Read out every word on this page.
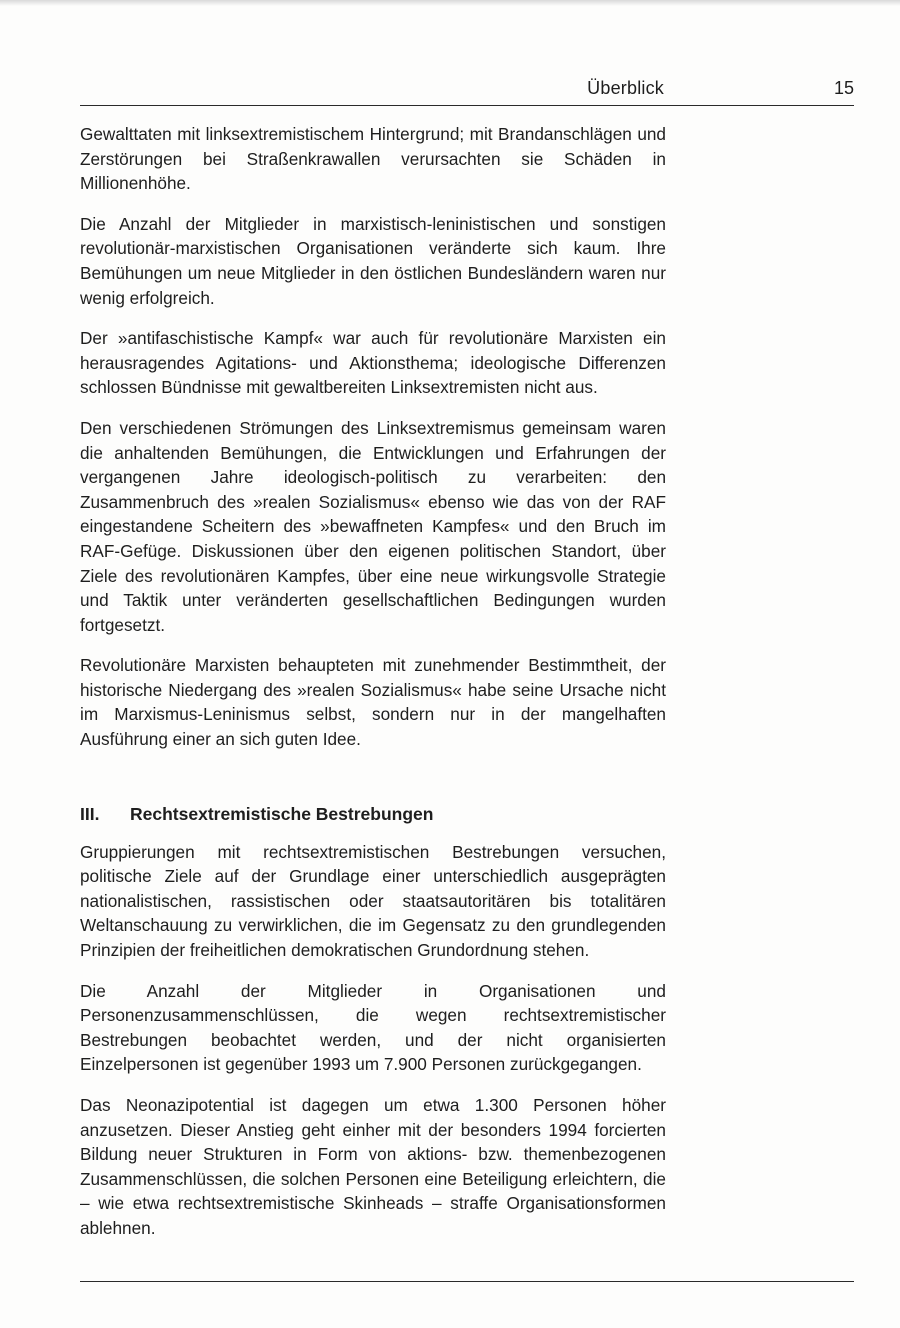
Überblick	15

Gewalttaten mit linksextremistischem Hintergrund; mit Brandanschlägen und Zerstörungen bei Straßenkrawallen verursachten sie Schäden in Millionenhöhe.

Die Anzahl der Mitglieder in marxistisch-leninistischen und sonstigen revolutionär-marxistischen Organisationen veränderte sich kaum. Ihre Bemühungen um neue Mitglieder in den östlichen Bundesländern waren nur wenig erfolgreich.

Der »antifaschistische Kampf« war auch für revolutionäre Marxisten ein herausragendes Agitations- und Aktionsthema; ideologische Differenzen schlossen Bündnisse mit gewaltbereiten Linksextremisten nicht aus.

Den verschiedenen Strömungen des Linksextremismus gemeinsam waren die anhaltenden Bemühungen, die Entwicklungen und Erfahrungen der vergangenen Jahre ideologisch-politisch zu verarbeiten: den Zusammenbruch des »realen Sozialismus« ebenso wie das von der RAF eingestandene Scheitern des »bewaffneten Kampfes« und den Bruch im RAF-Gefüge. Diskussionen über den eigenen politischen Standort, über Ziele des revolutionären Kampfes, über eine neue wirkungsvolle Strategie und Taktik unter veränderten gesellschaftlichen Bedingungen wurden fortgesetzt.

Revolutionäre Marxisten behaupteten mit zunehmender Bestimmtheit, der historische Niedergang des »realen Sozialismus« habe seine Ursache nicht im Marxismus-Leninismus selbst, sondern nur in der mangelhaften Ausführung einer an sich guten Idee.

III. Rechtsextremistische Bestrebungen

Gruppierungen mit rechtsextremistischen Bestrebungen versuchen, politische Ziele auf der Grundlage einer unterschiedlich ausgeprägten nationalistischen, rassistischen oder staatsautoritären bis totalitären Weltanschauung zu verwirklichen, die im Gegensatz zu den grundlegenden Prinzipien der freiheitlichen demokratischen Grundordnung stehen.

Die Anzahl der Mitglieder in Organisationen und Personenzusammenschlüssen, die wegen rechtsextremistischer Bestrebungen beobachtet werden, und der nicht organisierten Einzelpersonen ist gegenüber 1993 um 7.900 Personen zurückgegangen.

Das Neonazipotential ist dagegen um etwa 1.300 Personen höher anzusetzen. Dieser Anstieg geht einher mit der besonders 1994 forcierten Bildung neuer Strukturen in Form von aktions- bzw. themenbezogenen Zusammenschlüssen, die solchen Personen eine Beteiligung erleichtern, die – wie etwa rechtsextremistische Skinheads – straffe Organisationsformen ablehnen.
